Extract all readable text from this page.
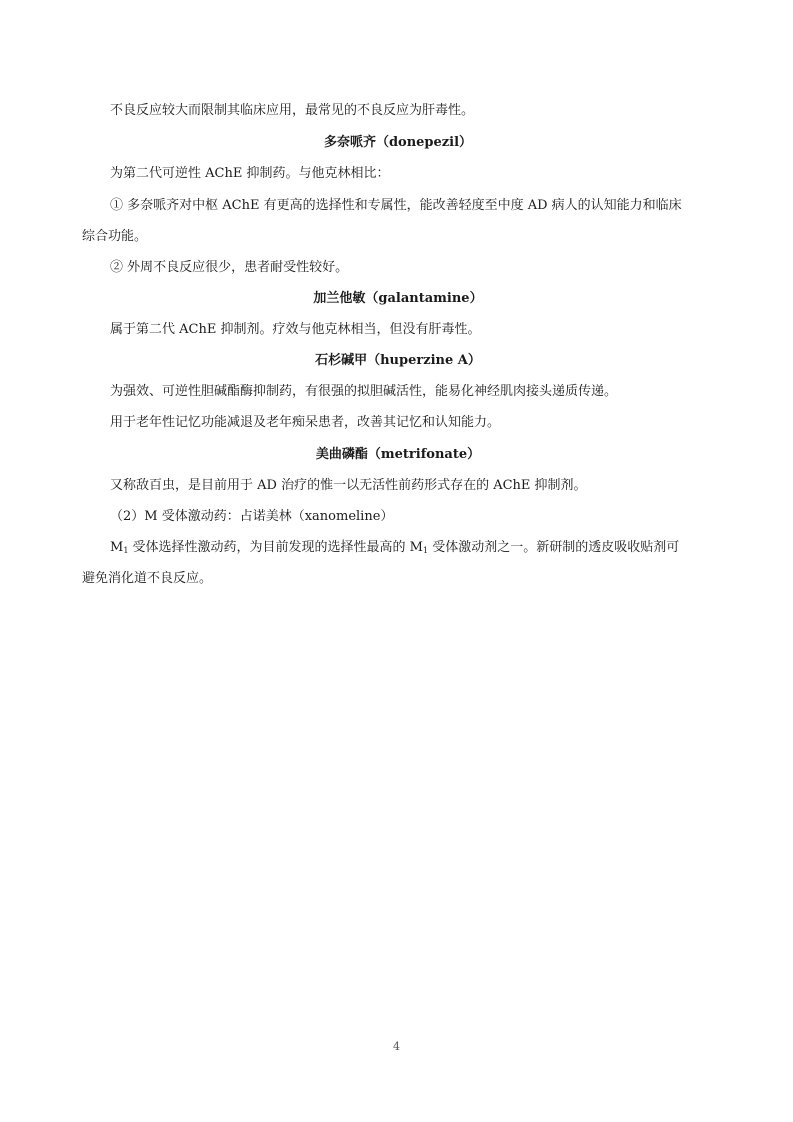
不良反应较大而限制其临床应用，最常见的不良反应为肝毒性。
多奈哌齐（donepezil）
为第二代可逆性 AChE 抑制药。与他克林相比：
① 多奈哌齐对中枢 AChE 有更高的选择性和专属性，能改善轻度至中度 AD 病人的认知能力和临床
综合功能。
② 外周不良反应很少，患者耐受性较好。
加兰他敏（galantamine）
属于第二代 AChE 抑制剂。疗效与他克林相当，但没有肝毒性。
石杉碱甲（huperzine A）
为强效、可逆性胆碱酯酶抑制药，有很强的拟胆碱活性，能易化神经肌肉接头递质传递。
用于老年性记忆功能减退及老年痴呆患者，改善其记忆和认知能力。
美曲磷酯（metrifonate）
又称敌百虫，是目前用于 AD 治疗的惟一以无活性前药形式存在的 AChE 抑制剂。
（2）M 受体激动药：占诺美林（xanomeline）
$M_1$ 受体选择性激动药，为目前发现的选择性最高的 $M_1$ 受体激动剂之一。新研制的透皮吸收贴剂可
避免消化道不良反应。
4
